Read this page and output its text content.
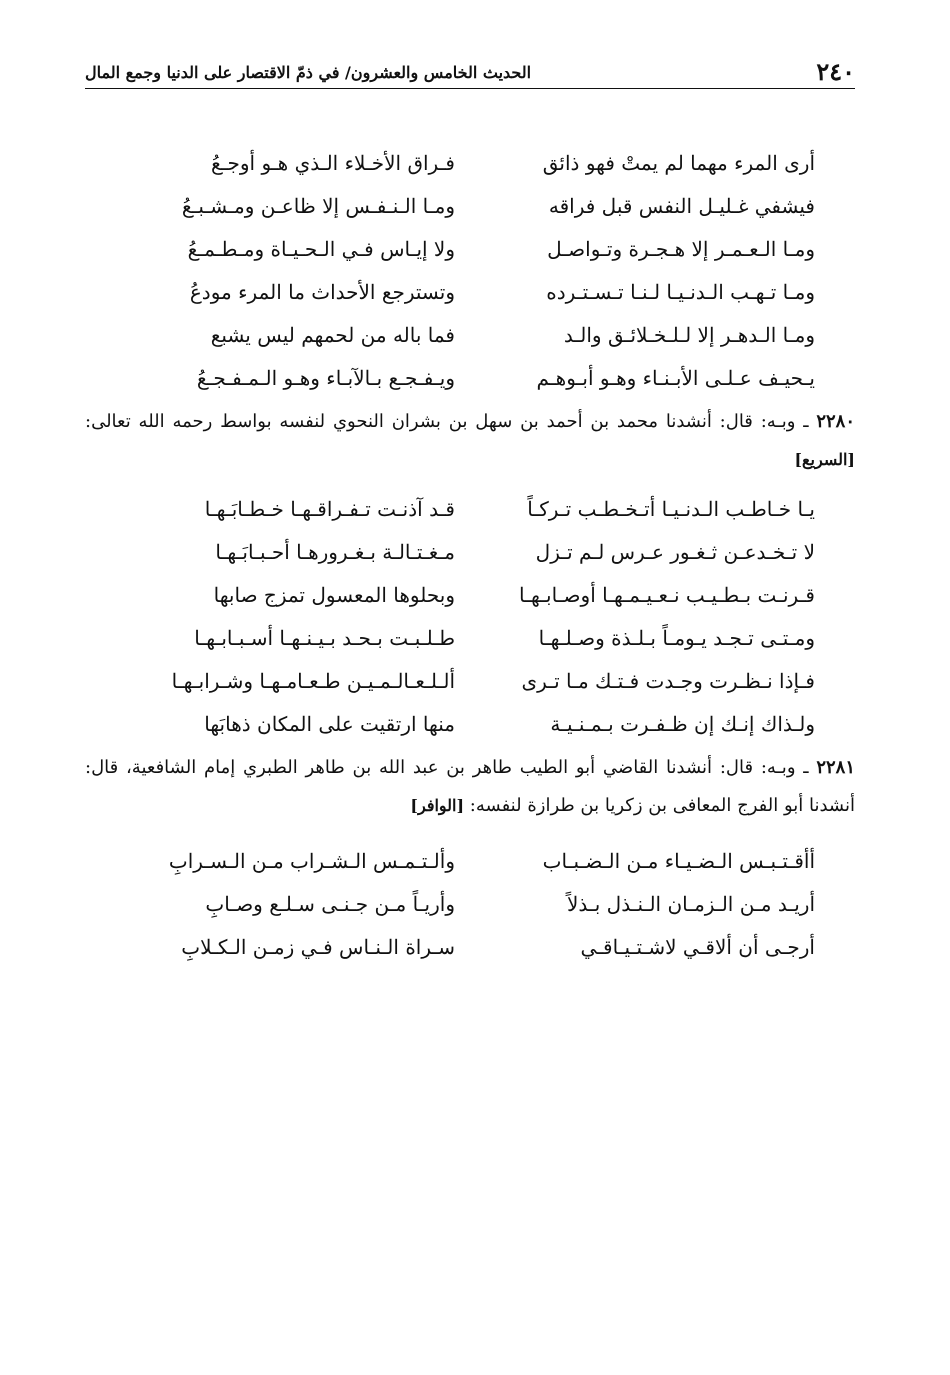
٢٤٠
الحديث الخامس والعشرون/ في ذمّ الاقتصار على الدنيا وجمع المال
أرى المرء مهما لم يمتْ فهو ذائق
فـراق الأخـلاء الـذي هـو أوجـعُ
فيشفي غـليـل النفس قبل فراقه
ومـا الـنـفـس إلا ظاعـن ومـشـبـعُ
ومـا الـعـمـر إلا هـجـرة وتـواصـل
ولا إيـاس فـي الـحـيـاة ومـطـمـعُ
ومـا تـهـب الـدنـيـا لـنـا تـسـتـرده
وتسترجع الأحداث ما المرء مودعُ
ومـا الـدهـر إلا لـلـخـلائـق والـد
فما باله من لحمهم ليس يشبع
يـحيـف عـلـى الأبـنـاء وهـو أبـوهـم
ويـفـجـع بـالآبـاء وهـو الـمـفـجـعُ

٢٢٨٠ ـ وبـه: قال: أنشدنا محمد بن أحمد بن سهل بن بشران النحوي لنفسه بواسط رحمه الله تعالى: [السريع]

يـا خـاطـب الـدنـيـا أتـخـطـب تـركـاً
قـد آذنـت تـفـراقـهـا خـطـابَـهـا
لا تـخـدعـن ثـغـور عـرس لـم تـزل
مـغـتـالـة بـغـرورهـا أحـبـابَـهـا
قـرنـت بـطـيـب نـعـيـمـهـا أوصـابـهـا
وبحلوها المعسول تمزج صابها
ومـتـى تـجـد يـومـاً بـلـذة وصـلـهـا
طـلـبـت بـحـد بـيـنـهـا أسـبـابـهـا
فـإذا نـظـرت وجـدت فـتـك مـا تـرى
ألـلـعـالـمـيـن طـعـامـهـا وشـرابـهـا
ولـذاك إنـك إن ظـفـرت بـمـنـيـة
منها ارتقيت على المكان ذهابَها

٢٢٨١ ـ وبـه: قال: أنشدنا القاضي أبو الطيب طاهر بن عبد الله بن طاهر الطبري إمام الشافعية، قال: أنشدنا أبو الفرج المعافى بن زكريا بن طرازة لنفسه: [الوافر]

أأقـتـبـس الـضـيـاء مـن الـضـبـاب
وألـتـمـس الـشـراب مـن الـسـرابِ
أريـد مـن الـزمـان الـنـذل بـذلاً
وأريـاً مـن جـنـى سـلـع وصـابِ
أرجـى أن ألاقـي لاشـتـيـاقـي
سـراة الـنـاس فـي زمـن الـكـلابِ
